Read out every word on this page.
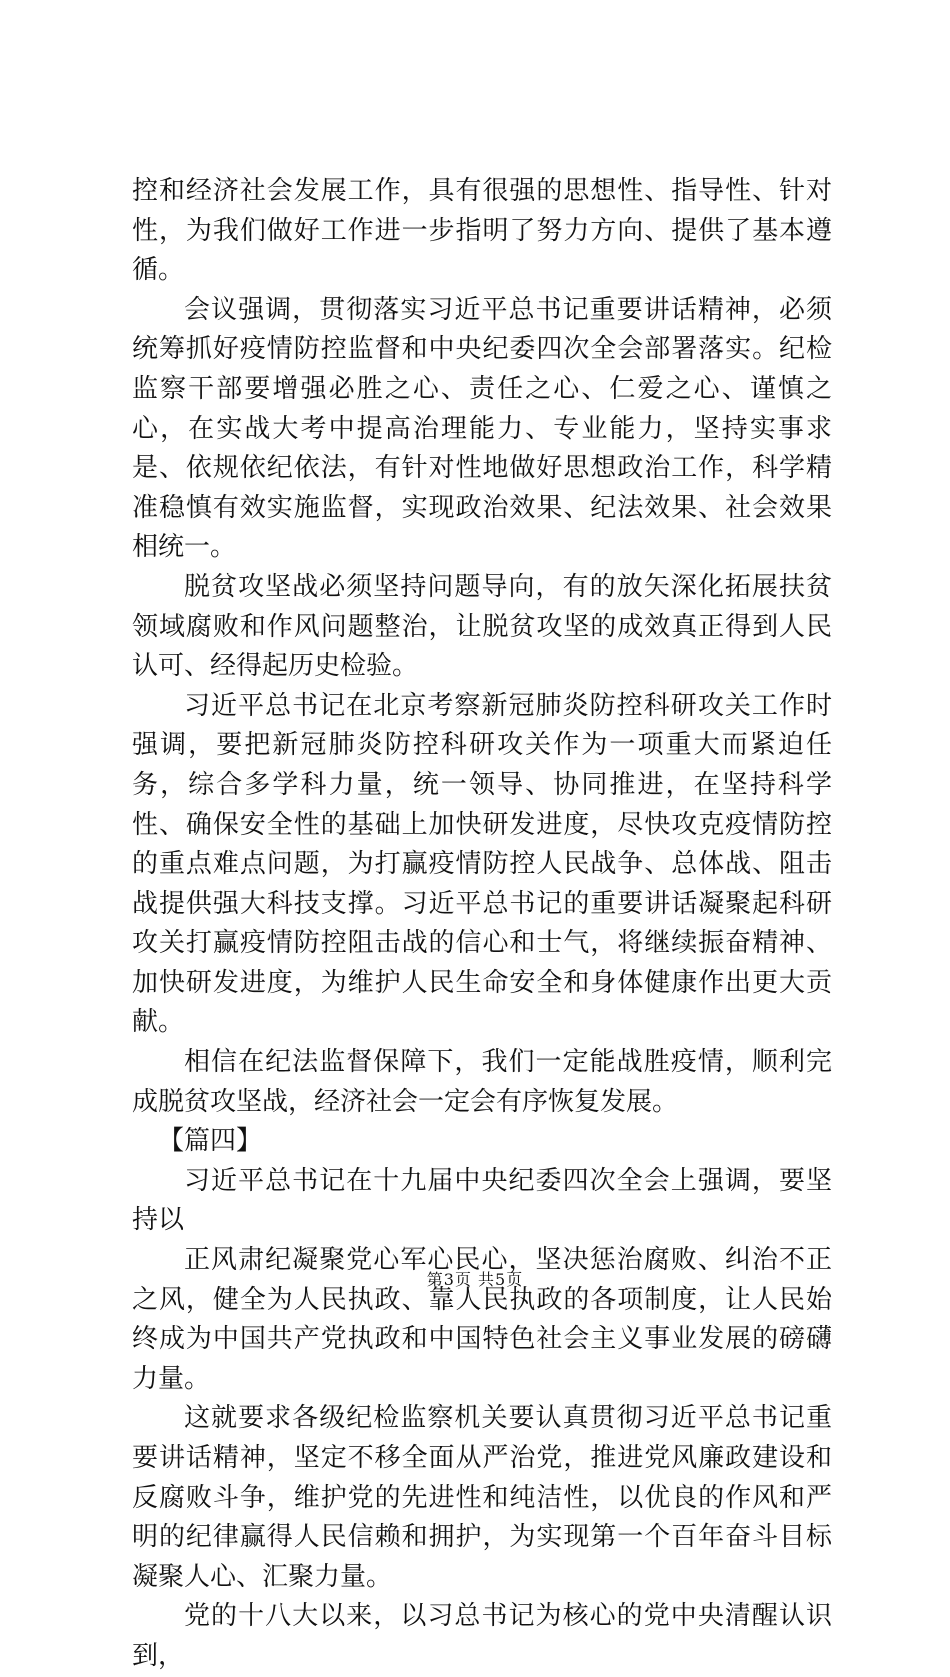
控和经济社会发展工作，具有很强的思想性、指导性、针对性，为我们做好工作进一步指明了努力方向、提供了基本遵循。

会议强调，贯彻落实习近平总书记重要讲话精神，必须统筹抓好疫情防控监督和中央纪委四次全会部署落实。纪检监察干部要增强必胜之心、责任之心、仁爱之心、谨慎之心，在实战大考中提高治理能力、专业能力，坚持实事求是、依规依纪依法，有针对性地做好思想政治工作，科学精准稳慎有效实施监督，实现政治效果、纪法效果、社会效果相统一。

脱贫攻坚战必须坚持问题导向，有的放矢深化拓展扶贫领域腐败和作风问题整治，让脱贫攻坚的成效真正得到人民认可、经得起历史检验。

习近平总书记在北京考察新冠肺炎防控科研攻关工作时强调，要把新冠肺炎防控科研攻关作为一项重大而紧迫任务，综合多学科力量，统一领导、协同推进，在坚持科学性、确保安全性的基础上加快研发进度，尽快攻克疫情防控的重点难点问题，为打赢疫情防控人民战争、总体战、阻击战提供强大科技支撑。习近平总书记的重要讲话凝聚起科研攻关打赢疫情防控阻击战的信心和士气，将继续振奋精神、加快研发进度，为维护人民生命安全和身体健康作出更大贡献。

相信在纪法监督保障下，我们一定能战胜疫情，顺利完成脱贫攻坚战，经济社会一定会有序恢复发展。

【篇四】

习近平总书记在十九届中央纪委四次全会上强调，要坚持以

正风肃纪凝聚党心军心民心，坚决惩治腐败、纠治不正之风，健全为人民执政、靠人民执政的各项制度，让人民始终成为中国共产党执政和中国特色社会主义事业发展的磅礴力量。

这就要求各级纪检监察机关要认真贯彻习近平总书记重要讲话精神，坚定不移全面从严治党，推进党风廉政建设和反腐败斗争，维护党的先进性和纯洁性，以优良的作风和严明的纪律赢得人民信赖和拥护，为实现第一个百年奋斗目标凝聚人心、汇聚力量。

党的十八大以来，以习总书记为核心的党中央清醒认识到，

第3页 共5页
